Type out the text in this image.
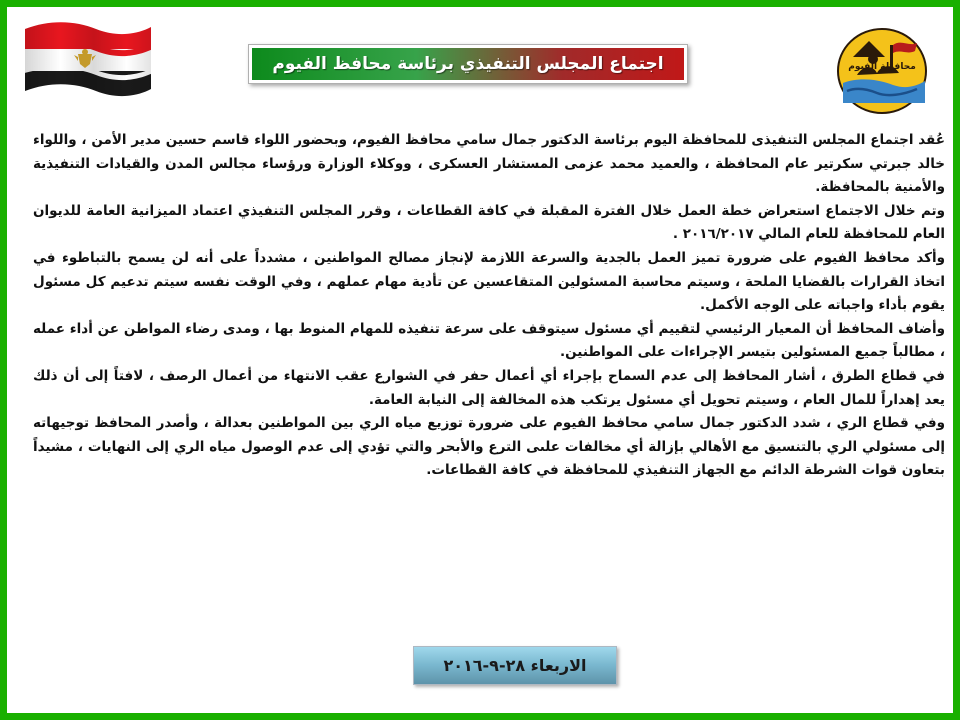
اجتماع المجلس التنفيذي برئاسة محافظ الفيوم	محافظة الفيوم

عُقد اجتماع المجلس التنفيذى للمحافظة اليوم برئاسة الدكتور جمال سامي محافظ الفيوم، وبحضور اللواء قاسم حسين مدير الأمن ، واللواء خالد جبرتي سكرتير عام المحافظة ، والعميد محمد عزمى المستشار العسكرى ، ووكلاء الوزارة ورؤساء مجالس المدن والقيادات التنفيذية والأمنية بالمحافظة.

وتم خلال الاجتماع استعراض خطة العمل خلال الفترة المقبلة في كافة القطاعات ، وقرر المجلس التنفيذي اعتماد الميزانية العامة للديوان العام للمحافظة للعام المالي ٢٠١٦/٢٠١٧ .

وأكد محافظ الفيوم على ضرورة تميز العمل بالجدية والسرعة اللازمة لإنجاز مصالح المواطنين ، مشدداً على أنه لن يسمح بالتباطوء في اتخاذ القرارات بالقضايا الملحة ، وسيتم محاسبة المسئولين المتقاعسين عن تأدية مهام عملهم ، وفي الوقت نفسه سيتم تدعيم كل مسئول يقوم بأداء واجباته على الوجه الأكمل.

وأضاف المحافظ أن المعيار الرئيسي لتقييم أي مسئول سيتوقف على سرعة تنفيذه للمهام المنوط بها ، ومدى رضاء المواطن عن أداء عمله ، مطالباً جميع المسئولين بتيسر الإجراءات على المواطنين.

في قطاع الطرق ، أشار المحافظ إلى عدم السماح بإجراء أي أعمال حفر في الشوارع عقب الانتهاء من أعمال الرصف ، لافتاً إلى أن ذلك يعد إهداراً للمال العام ، وسيتم تحويل أي مسئول يرتكب هذه المخالفة إلى النيابة العامة.

وفي قطاع الري ، شدد الدكتور جمال سامي محافظ الفيوم على ضرورة توزيع مياه الري بين المواطنين بعدالة ، وأصدر المحافظ توجيهاته إلى مسئولي الري بالتنسيق مع الأهالي بإزالة أي مخالفات علىى الترع والأبحر والتي تؤدي إلى عدم الوصول مياه الري إلى النهايات ، مشيداً بتعاون قوات الشرطة الدائم مع الجهاز التنفيذي للمحافظة في كافة القطاعات.

الاربعاء ٢٨-٩-٢٠١٦
